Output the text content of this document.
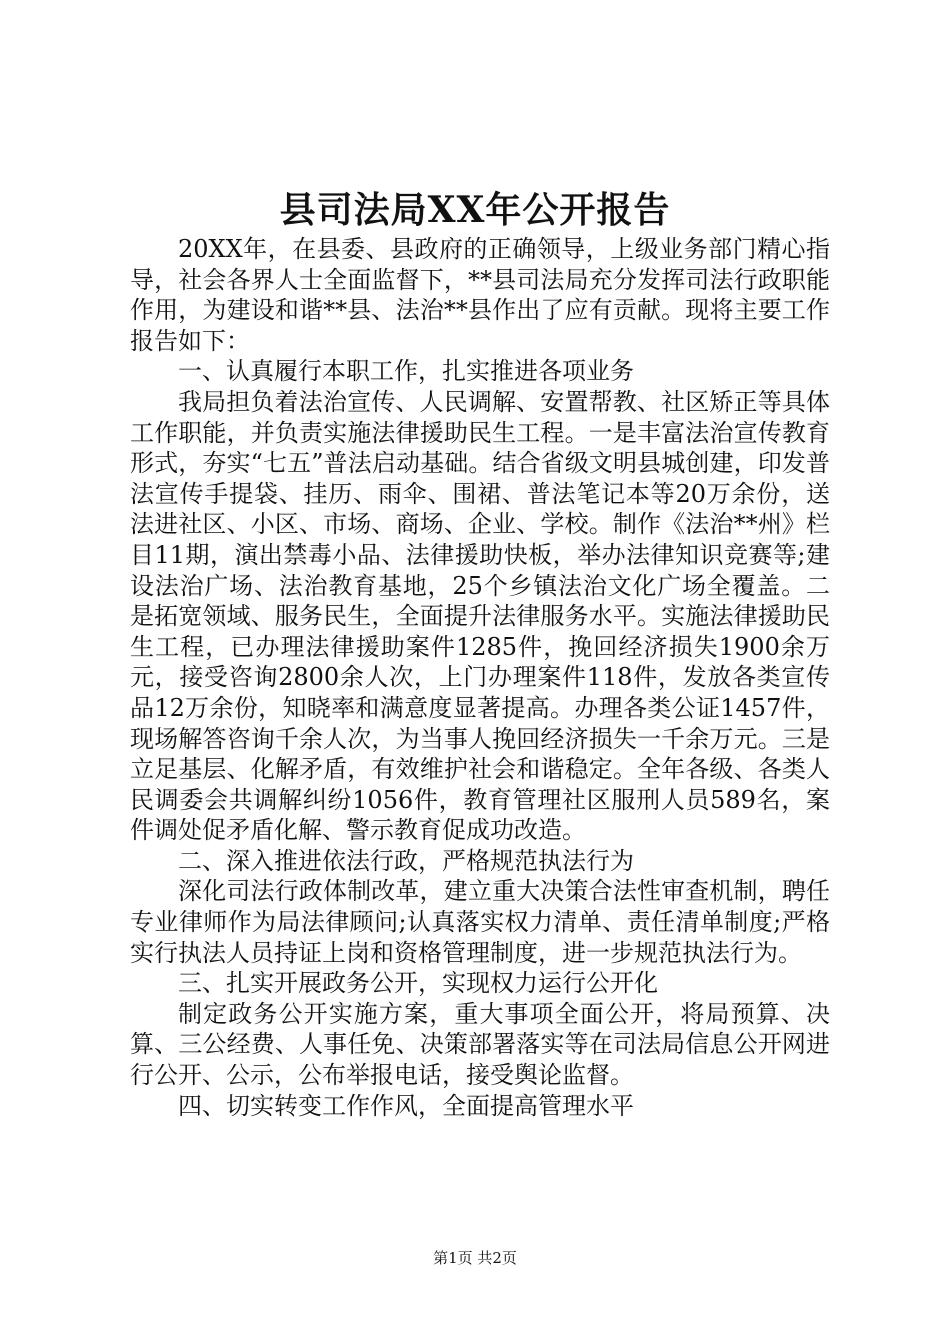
县司法局XX年公开报告

20XX年，在县委、县政府的正确领导，上级业务部门精心指导，社会各界人士全面监督下，**县司法局充分发挥司法行政职能作用，为建设和谐**县、法治**县作出了应有贡献。现将主要工作报告如下：

一、认真履行本职工作，扎实推进各项业务

我局担负着法治宣传、人民调解、安置帮教、社区矫正等具体工作职能，并负责实施法律援助民生工程。一是丰富法治宣传教育形式，夯实“七五”普法启动基础。结合省级文明县城创建，印发普法宣传手提袋、挂历、雨伞、围裙、普法笔记本等20万余份，送法进社区、小区、市场、商场、企业、学校。制作《法治**州》栏目11期，演出禁毒小品、法律援助快板，举办法律知识竞赛等;建设法治广场、法治教育基地，25个乡镇法治文化广场全覆盖。二是拓宽领域、服务民生，全面提升法律服务水平。实施法律援助民生工程，已办理法律援助案件1285件，挽回经济损失1900余万元，接受咨询2800余人次，上门办理案件118件，发放各类宣传品12万余份，知晓率和满意度显著提高。办理各类公证1457件，现场解答咨询千余人次，为当事人挽回经济损失一千余万元。三是立足基层、化解矛盾，有效维护社会和谐稳定。全年各级、各类人民调委会共调解纠纷1056件，教育管理社区服刑人员589名，案件调处促矛盾化解、警示教育促成功改造。

二、深入推进依法行政，严格规范执法行为

深化司法行政体制改革，建立重大决策合法性审查机制，聘任专业律师作为局法律顾问;认真落实权力清单、责任清单制度;严格实行执法人员持证上岗和资格管理制度，进一步规范执法行为。

三、扎实开展政务公开，实现权力运行公开化

制定政务公开实施方案，重大事项全面公开，将局预算、决算、三公经费、人事任免、决策部署落实等在司法局信息公开网进行公开、公示，公布举报电话，接受舆论监督。

四、切实转变工作作风，全面提高管理水平

第1页 共2页
